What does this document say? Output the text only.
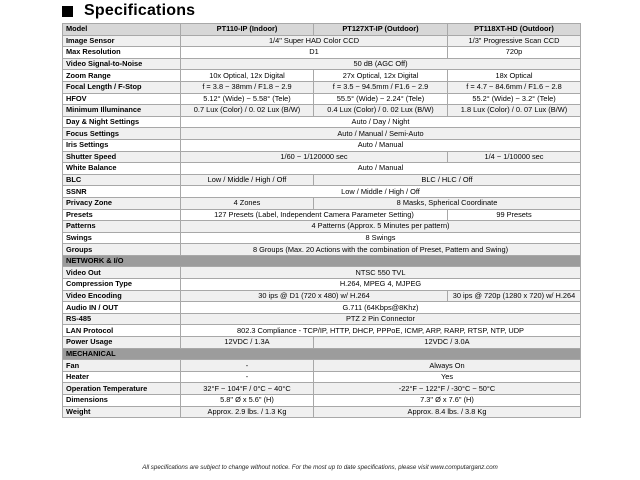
Specifications
Model	PT110-IP (Indoor)	PT127XT-IP (Outdoor)	PT118XT-HD (Outdoor)
Image Sensor	1/4" Super HAD Color CCD		1/3" Progressive Scan CCD
Max Resolution	D1		720p
Video Signal-to-Noise	50 dB (AGC Off)		
Zoom Range	10x Optical, 12x Digital	27x Optical, 12x Digital	18x Optical
Focal Length / F-Stop	f = 3.8 ~ 38mm / F1.8 ~ 2.9	f = 3.5 ~ 94.5mm / F1.6 ~ 2.9	f = 4.7 ~ 84.6mm / F1.6 ~ 2.8
HFOV	5.12° (Wide) ~ 5.58° (Tele)	55.5° (Wide) ~ 2.24° (Tele)	55.2° (Wide) ~ 3.2° (Tele)
Minimum Illuminance	0.7 Lux (Color) / 0. 02 Lux (B/W)	0.4 Lux (Color) / 0. 02 Lux (B/W)	1.8 Lux (Color) / 0. 07 Lux (B/W)
Day & Night Settings	Auto / Day / Night		
Focus Settings	Auto / Manual / Semi-Auto		
Iris Settings	Auto / Manual		
Shutter Speed	1/60 ~ 1/120000 sec		1/4 ~ 1/10000 sec
White Balance	Auto / Manual		
BLC	Low / Middle / High / Off	BLC / HLC / Off	
SSNR	Low / Middle / High / Off		
Privacy Zone	4 Zones	8 Masks, Spherical Coordinate	
Presets	127 Presets (Label, Independent Camera Parameter Setting)		99 Presets
Patterns	4 Patterns (Approx. 5 Minutes per pattern)		
Swings	8 Swings		
Groups	8 Groups (Max. 20 Actions with the combination of Preset, Pattern and Swing)		
NETWORK & I/O			
Video Out	NTSC 550 TVL		
Compression Type	H.264, MPEG 4, MJPEG		
Video Encoding	30 ips @ D1 (720 x 480) w/ H.264		30 ips @ 720p (1280 x 720) w/ H.264
Audio IN / OUT	G.711 (64Kbps@8Khz)		
RS-485	PTZ 2 Pin Connector		
LAN Protocol	802.3 Compliance - TCP/IP, HTTP, DHCP, PPPoE, ICMP, ARP, RARP, RTSP, NTP, UDP		
Power Usage	12VDC / 1.3A	12VDC / 3.0A	
MECHANICAL			
Fan	-	Always On	
Heater	-	Yes	
Operation Temperature	32°F ~ 104°F / 0°C ~ 40°C	-22°F ~ 122°F / -30°C ~ 50°C	
Dimensions	5.8" Ø x 5.6" (H)	7.3" Ø x 7.6" (H)	
Weight	Approx. 2.9 lbs. / 1.3 Kg	Approx. 8.4 lbs. / 3.8 Kg	
All specifications are subject to change without notice. For the most up to date specifications, please visit www.computarganz.com
